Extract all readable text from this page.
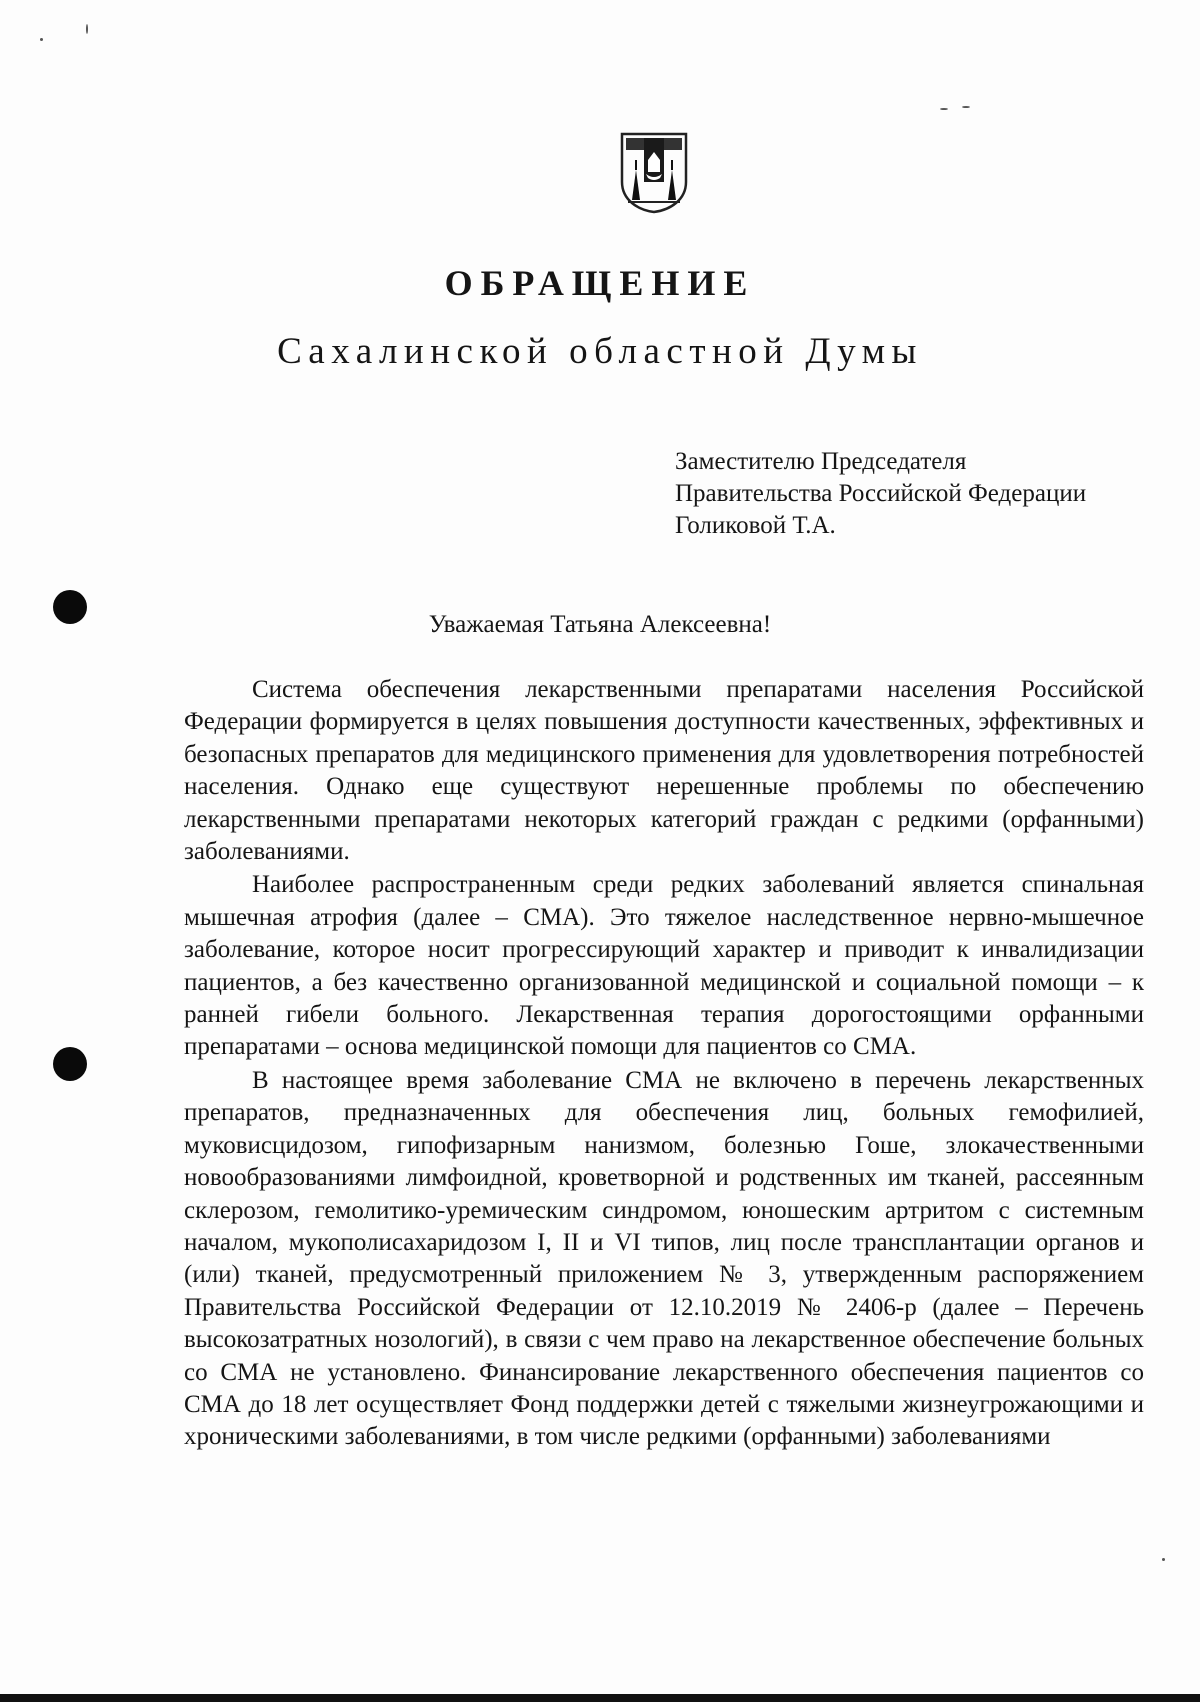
ОБРАЩЕНИЕ
Сахалинской областной Думы
Заместителю Председателя
Правительства Российской Федерации
Голиковой Т.А.
Уважаемая Татьяна Алексеевна!

Система обеспечения лекарственными препаратами населения Российской Федерации формируется в целях повышения доступности качественных, эффективных и безопасных препаратов для медицинского применения для удовлетворения потребностей населения. Однако еще существуют нерешенные проблемы по обеспечению лекарственными препаратами некоторых категорий граждан с редкими (орфанными) заболеваниями.

Наиболее распространенным среди редких заболеваний является спинальная мышечная атрофия (далее – СМА). Это тяжелое наследственное нервно-мышечное заболевание, которое носит прогрессирующий характер и приводит к инвалидизации пациентов, а без качественно организованной медицинской и социальной помощи – к ранней гибели больного. Лекарственная терапия дорогостоящими орфанными препаратами – основа медицинской помощи для пациентов со СМА.

В настоящее время заболевание СМА не включено в перечень лекарственных препаратов, предназначенных для обеспечения лиц, больных гемофилией, муковисцидозом, гипофизарным нанизмом, болезнью Гоше, злокачественными новообразованиями лимфоидной, кроветворной и родственных им тканей, рассеянным склерозом, гемолитико-уремическим синдромом, юношеским артритом с системным началом, мукополисахаридозом I, II и VI типов, лиц после трансплантации органов и (или) тканей, предусмотренный приложением № 3, утвержденным распоряжением Правительства Российской Федерации от 12.10.2019 № 2406-р (далее – Перечень высокозатратных нозологий), в связи с чем право на лекарственное обеспечение больных со СМА не установлено. Финансирование лекарственного обеспечения пациентов со СМА до 18 лет осуществляет Фонд поддержки детей с тяжелыми жизнеугрожающими и хроническими заболеваниями, в том числе редкими (орфанными) заболеваниями
